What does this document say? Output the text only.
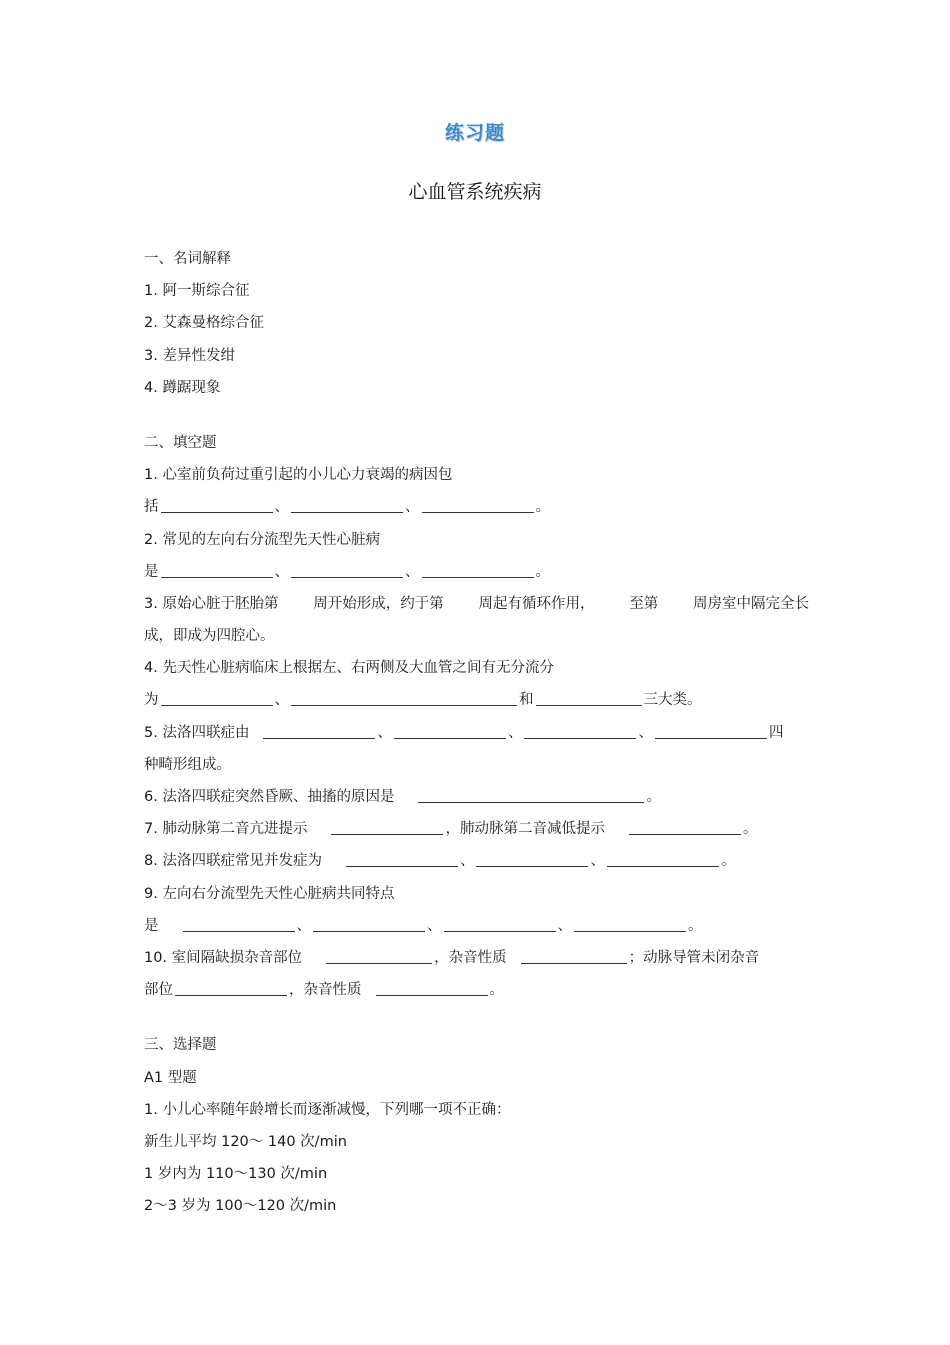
练习题
心血管系统疾病
一、名词解释
1. 阿一斯综合征
2. 艾森曼格综合征
3. 差异性发绀
4. 蹲踞现象
二、填空题
1. 心室前负荷过重引起的小儿心力衰竭的病因包
括	、	、	。
2. 常见的左向右分流型先天性心脏病
是	、	、	。
3. 原始心脏于胚胎第 周开始形成，约于第 周起有循环作用， 至第 周房室中隔完全长
成，即成为四腔心。
4. 先天性心脏病临床上根据左、右两侧及大血管之间有无分流分
为	、	和	三大类。
5. 法洛四联症由	、	、	、	四
种畸形组成。
6. 法洛四联症突然昏厥、抽搐的原因是	。
7. 肺动脉第二音亢进提示	，肺动脉第二音减低提示	。
8. 法洛四联症常见并发症为	、	、	。
9. 左向右分流型先天性心脏病共同特点
是	、	、	、	。
10. 室间隔缺损杂音部位	，杂音性质	；动脉导管未闭杂音
部位	，杂音性质	。
三、选择题
A1 型题
1. 小儿心率随年龄增长而逐渐减慢，下列哪一项不正确：
新生儿平均 120～ 140 次/min
1 岁内为 110～130 次/min
2～3 岁为 100～120 次/min
